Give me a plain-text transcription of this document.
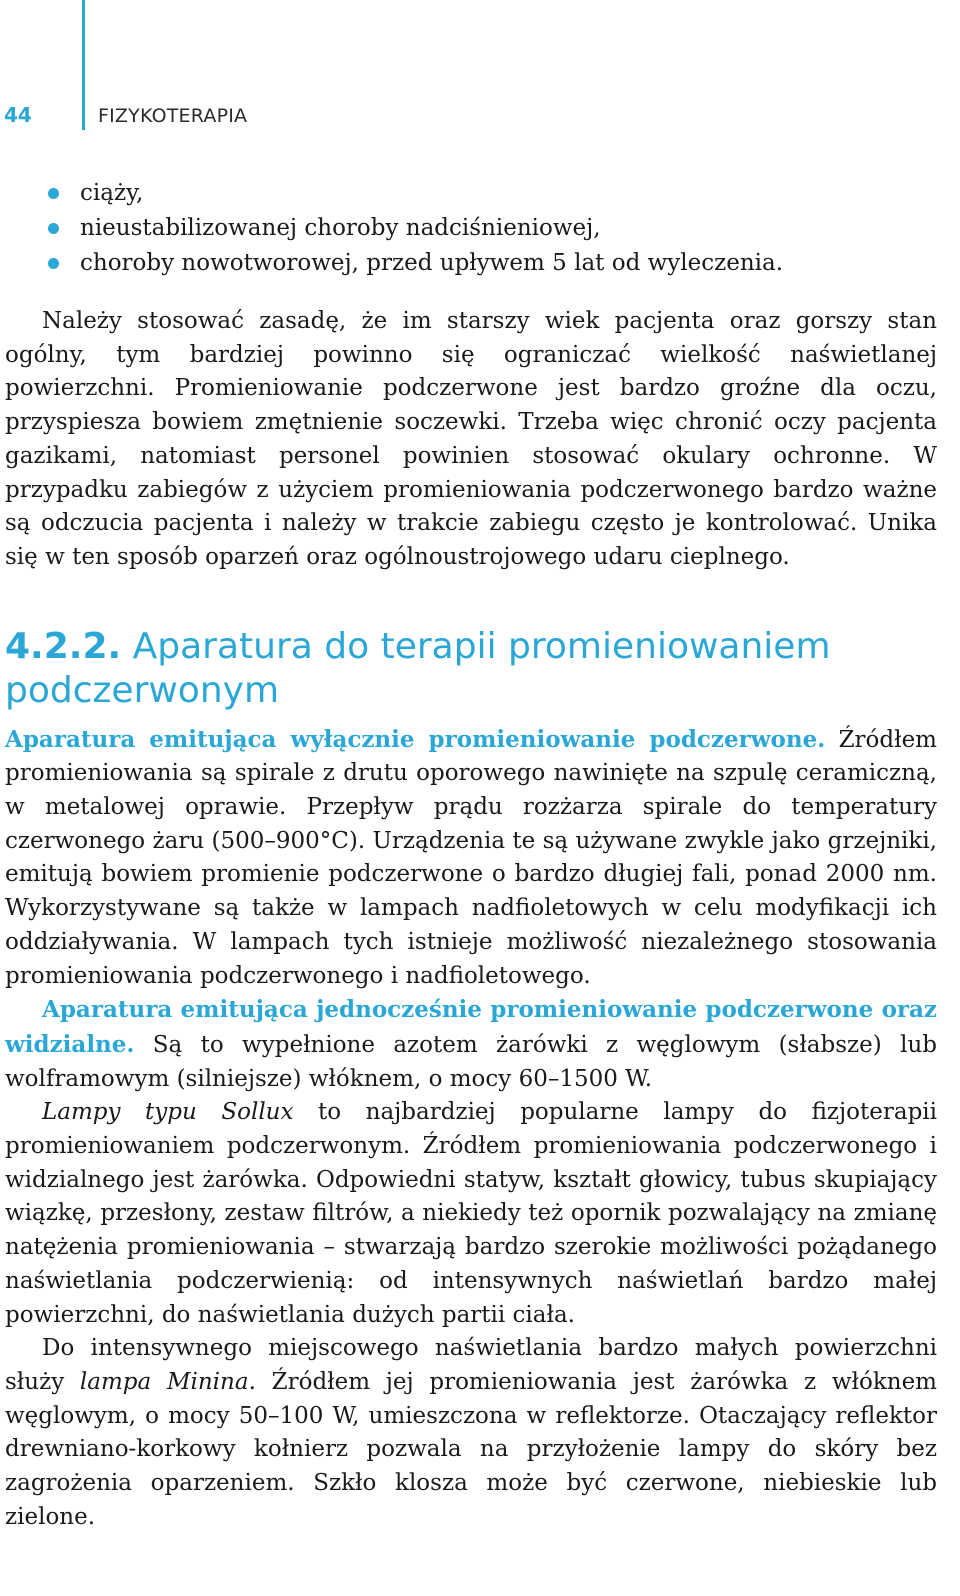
44	FIZYKOTERAPIA
ciąży,
nieustabilizowanej choroby nadciśnieniowej,
choroby nowotworowej, przed upływem 5 lat od wyleczenia.

Należy stosować zasadę, że im starszy wiek pacjenta oraz gorszy stan ogólny, tym bardziej powinno się ograniczać wielkość naświetlanej powierzchni. Promieniowanie podczerwone jest bardzo groźne dla oczu, przyspiesza bowiem zmętnienie soczewki. Trzeba więc chronić oczy pacjenta gazikami, natomiast personel powinien stosować okulary ochronne. W przypadku zabiegów z użyciem promieniowania podczerwonego bardzo ważne są odczucia pacjenta i należy w trakcie zabiegu często je kontrolować. Unika się w ten sposób oparzeń oraz ogólnoustrojowego udaru cieplnego.

4.2.2. Aparatura do terapii promieniowaniem podczerwonym

Aparatura emitująca wyłącznie promieniowanie podczerwone. Źródłem promieniowania są spirale z drutu oporowego nawinięte na szpulę ceramiczną, w metalowej oprawie. Przepływ prądu rozżarza spirale do temperatury czerwonego żaru (500–900°C). Urządzenia te są używane zwykle jako grzejniki, emitują bowiem promienie podczerwone o bardzo długiej fali, ponad 2000 nm. Wykorzystywane są także w lampach nadfioletowych w celu modyfikacji ich oddziaływania. W lampach tych istnieje możliwość niezależnego stosowania promieniowania podczerwonego i nadfioletowego.

Aparatura emitująca jednocześnie promieniowanie podczerwone oraz widzialne. Są to wypełnione azotem żarówki z węglowym (słabsze) lub wolframowym (silniejsze) włóknem, o mocy 60–1500 W.

Lampy typu Sollux to najbardziej popularne lampy do fizjoterapii promieniowaniem podczerwonym. Źródłem promieniowania podczerwonego i widzialnego jest żarówka. Odpowiedni statyw, kształt głowicy, tubus skupiający wiązkę, przesłony, zestaw filtrów, a niekiedy też opornik pozwalający na zmianę natężenia promieniowania – stwarzają bardzo szerokie możliwości pożądanego naświetlania podczerwienią: od intensywnych naświetlań bardzo małej powierzchni, do naświetlania dużych partii ciała.

Do intensywnego miejscowego naświetlania bardzo małych powierzchni służy lampa Minina. Źródłem jej promieniowania jest żarówka z włóknem węglowym, o mocy 50–100 W, umieszczona w reflektorze. Otaczający reflektor drewniano-korkowy kołnierz pozwala na przyłożenie lampy do skóry bez zagrożenia oparzeniem. Szkło klosza może być czerwone, niebieskie lub zielone.
